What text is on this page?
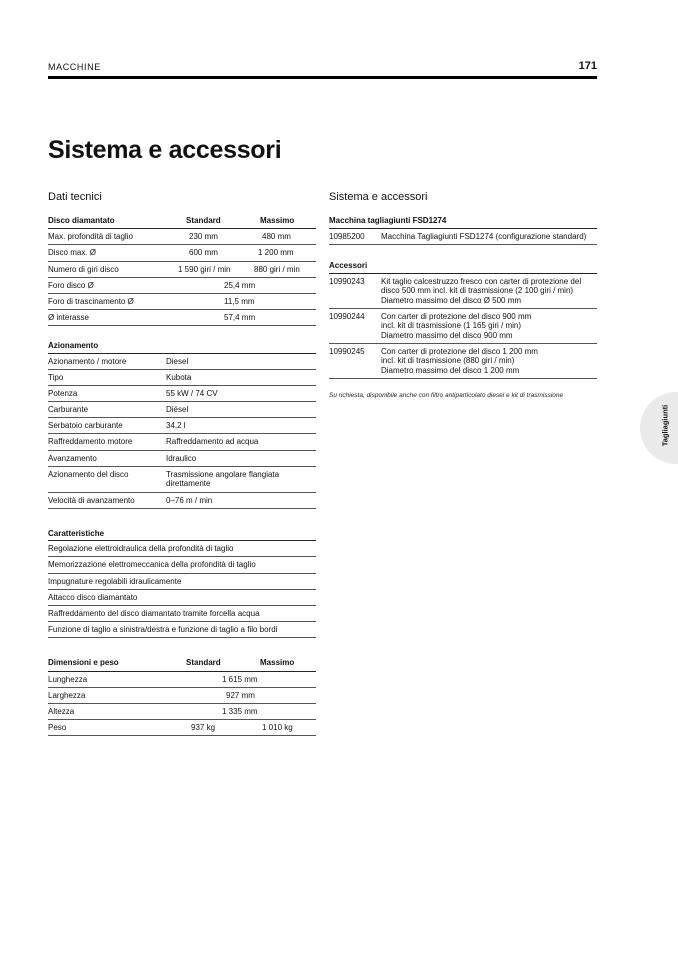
MACCHINE	171
Sistema e accessori
Dati tecnici
Disco diamantato	Standard	Massimo
Max. profondità di taglio	230 mm	480 mm
Disco max. Ø	600 mm	1 200 mm
Numero di giri disco	1 590 giri / min	880 giri / min
Foro disco Ø	25,4 mm
Foro di trascinamento Ø	11,5 mm
Ø interasse	57,4 mm
Azionamento
Azionamento / motore	Diesel
Tipo	Kubota
Potenza	55 kW / 74 CV
Carburante	Diésel
Serbatoio carburante	34,2 l
Raffreddamento motore	Raffreddamento ad acqua
Avanzamento	Idraulico
Azionamento del disco	Trasmissione angolare flangiata direttamente
Velocità di avanzamento	0–76 m / min
Caratteristiche
Regolazione elettroidraulica della profondità di taglio
Memorizzazione elettromeccanica della profondità di taglio
Impugnature regolabili idraulicamente
Attacco disco diamantato
Raffreddamento del disco diamantato tramite forcella acqua
Funzione di taglio a sinistra/destra e funzione di taglio a filo bordi
Dimensioni e peso	Standard	Massimo
Lunghezza	1 615 mm
Larghezza	927 mm
Altezza	1 335 mm
Peso	937 kg	1 010 kg
Sistema e accessori
Macchina tagliagiunti FSD1274
10985200 Macchina Tagliagiunti FSD1274 (configurazione standard)
Accessori
10990243 Kit taglio calcestruzzo fresco con carter di protezione del disco 500 mm incl. kit di trasmissione (2 100 giri / min) Diametro massimo del disco Ø 500 mm
10990244 Con carter di protezione del disco 900 mm incl. kit di trasmissione (1 165 giri / min) Diametro massimo del disco 900 mm
10990245 Con carter di protezione del disco 1 200 mm incl. kit di trasmissione (880 giri / min) Diametro massimo del disco 1 200 mm
Su richiesta, disponibile anche con filtro antiparticolato diesel e kit di trasmissione
Tagliagiunti
